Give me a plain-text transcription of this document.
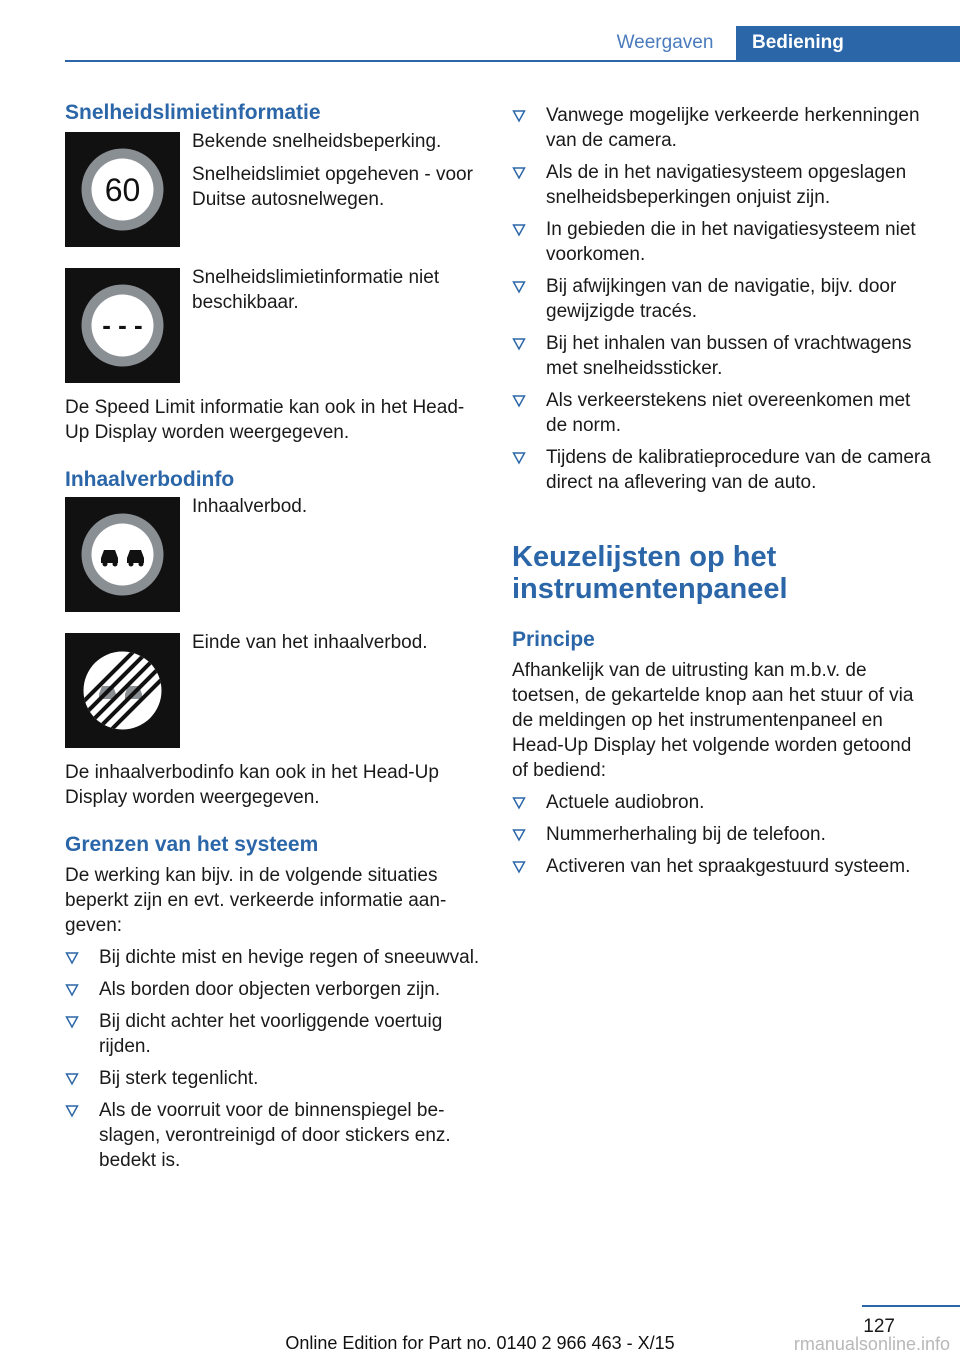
Weergaven	Bediening
Snelheidslimietinformatie
60

Bekende snelheidsbeperking.

Snelheidslimiet opgeheven - voor Duitse autosnelwegen.

- - -

Snelheidslimietinformatie niet beschikbaar.

De Speed Limit informatie kan ook in het Head-Up Display worden weergegeven.

Inhaalverbodinfo

Inhaalverbod.

Einde van het inhaalverbod.

De inhaalverbodinfo kan ook in het Head-Up Display worden weergegeven.

Grenzen van het systeem

De werking kan bijv. in de volgende situaties beperkt zijn en evt. verkeerde informatie aangeven:

Bij dichte mist en hevige regen of sneeuwval.
Als borden door objecten verborgen zijn.
Bij dicht achter het voorliggende voertuig rijden.
Bij sterk tegenlicht.
Als de voorruit voor de binnenspiegel beslagen, verontreinigd of door stickers enz. bedekt is.
Vanwege mogelijke verkeerde herkenningen van de camera.
Als de in het navigatiesysteem opgeslagen snelheidsbeperkingen onjuist zijn.
In gebieden die in het navigatiesysteem niet voorkomen.
Bij afwijkingen van de navigatie, bijv. door gewijzigde tracés.
Bij het inhalen van bussen of vrachtwagens met snelheidssticker.
Als verkeerstekens niet overeenkomen met de norm.
Tijdens de kalibratieprocedure van de camera direct na aflevering van de auto.
Keuzelijsten op het instrumentenpaneel
Principe

Afhankelijk van de uitrusting kan m.b.v. de toetsen, de gekartelde knop aan het stuur of via de meldingen op het instrumentenpaneel en Head-Up Display het volgende worden getoond of bediend:

Actuele audiobron.
Nummerherhaling bij de telefoon.
Activeren van het spraakgestuurd systeem.
127
Online Edition for Part no. 0140 2 966 463 - X/15	rmanualsonline.info
